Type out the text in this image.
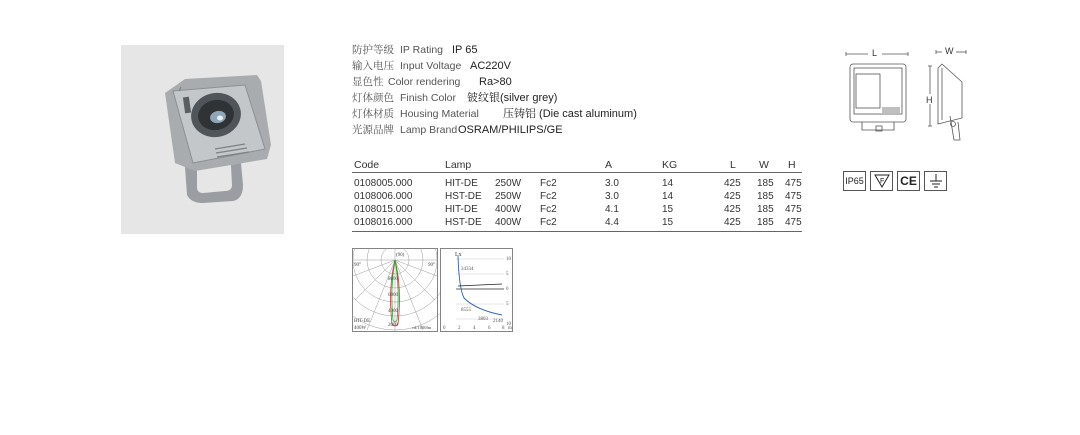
防护等级 IP Rating IP 65
输入电压 Input Voltage AC220V
显色性 Color rendering	Ra>80
灯体颜色 Finish Color 铍纹银(silver grey)
灯体材质 Housing Material	压铸铝 (Die cast aluminum)
光源品牌 Lamp Brand OSRAM/PHILIPS/GE
Code	Lamp	A	KG	L W H
0108005.000	HIT-DE 250W Fc2	3.0	14	425 185 475
0108006.000	HST-DE 250W Fc2	3.0	14	425 185 475
0108015.000	HIT-DE 400W Fc2	4.1	15	425 185 475
0108016.000	HST-DE 400W Fc2	4.4	15	425 185 475
(90)
90°	90°
8000
6000
4000
2000
HIT-DE
400W	cd/1000lm
Lx
34334
8555
3803 2140
10
5
0
5
10
0	2	4	6 8 m
L	W
H
IP65	F CE
